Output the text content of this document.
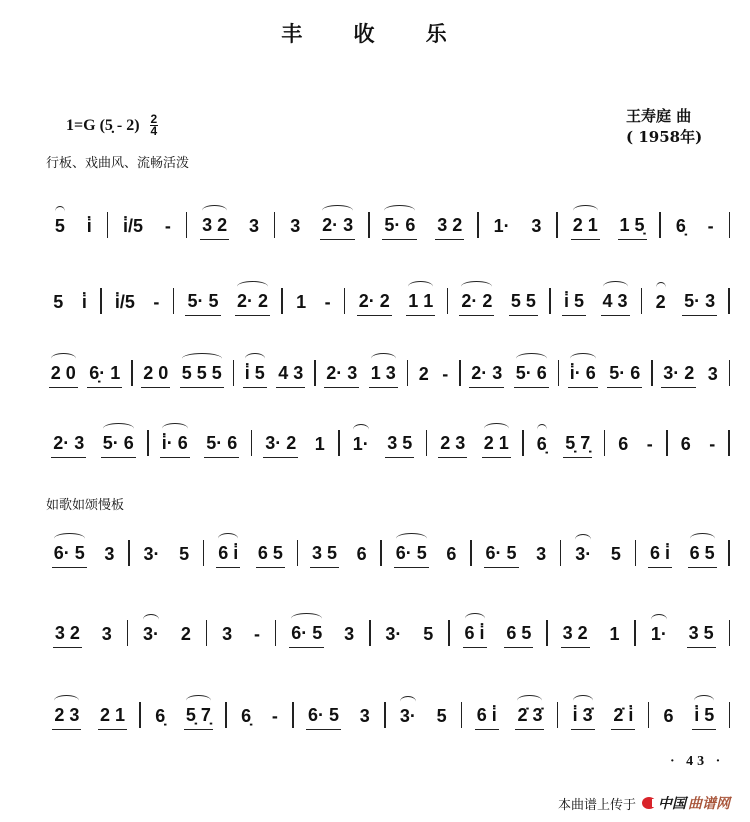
丰 收 乐
王寿庭 曲
( 1958年)
1=G (5̣ - $2) \frac{2}{4}$
行板、戏曲风、流畅活泼
如歌如颂慢板
5 i̇ i̇/5 - 3 2 3 3 2· 3 5· 6 3 2 1· 3 2 1 1 5̣ 6̣ -
5 i̇ i̇/5 - 5· 5 2· 2 1 - 2· 2 1 1 2· 2 5 5 i̇ 5 4 3 2 5· 3
2 0 6̣· 1 2 0 5 5 5 i̇ 5 4 3 2· 3 1 3 2 - 2· 3 5· 6 i̇· 6 5· 6 3· 2 3
2· 3 5· 6 i̇· 6 5· 6 3· 2 1 1· 3 5 2 3 2 1 6̣ 5̣ 7̣ 6 - 6 -
6· 5 3 3· 5 6 i̇ 6 5 3 5 6 6· 5 6 6· 5 3 3· 5 6 i̇ 6 5
3 2 3 3· 2 3 - 6· 5 3 3· 5 6 i̇ 6 5 3 2 1 1· 3 5
2 3 2 1 6̣ 5̣ 7̣ 6̣ - 6· 5 3 3· 5 6 i̇ 2̇ 3̇ i̇ 3̇ 2̇ i̇ 6 i̇ 5
· 43 ·
本曲谱上传于 中国 曲谱网
